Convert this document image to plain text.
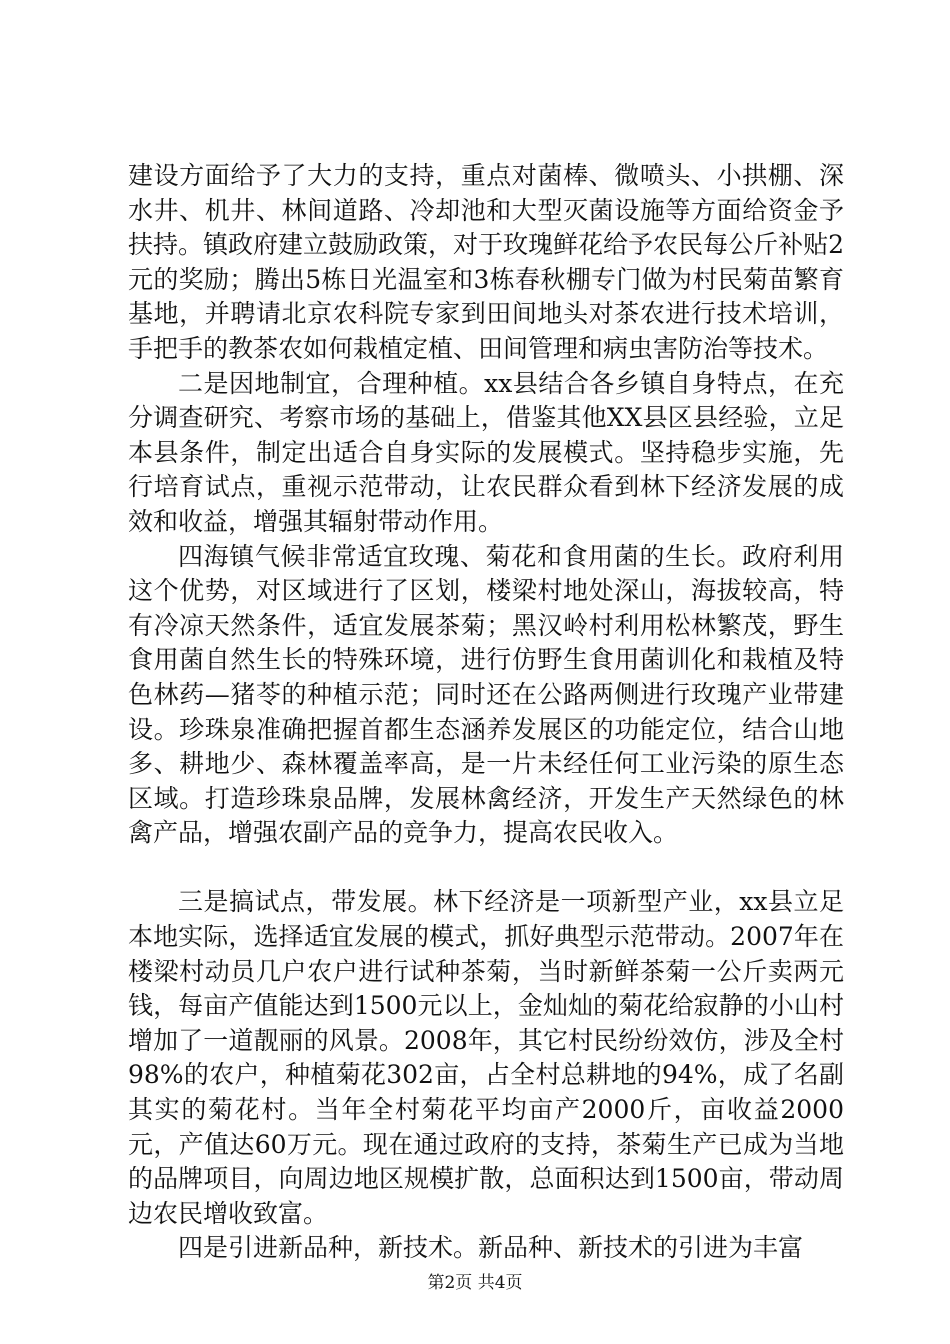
建设方面给予了大力的支持，重点对菌棒、微喷头、小拱棚、深水井、机井、林间道路、冷却池和大型灭菌设施等方面给资金予扶持。镇政府建立鼓励政策，对于玫瑰鲜花给予农民每公斤补贴2元的奖励；腾出5栋日光温室和3栋春秋棚专门做为村民菊苗繁育基地，并聘请北京农科院专家到田间地头对茶农进行技术培训，手把手的教茶农如何栽植定植、田间管理和病虫害防治等技术。

二是因地制宜，合理种植。xx县结合各乡镇自身特点，在充分调查研究、考察市场的基础上，借鉴其他XX县区县经验，立足本县条件，制定出适合自身实际的发展模式。坚持稳步实施，先行培育试点，重视示范带动，让农民群众看到林下经济发展的成效和收益，增强其辐射带动作用。

四海镇气候非常适宜玫瑰、菊花和食用菌的生长。政府利用这个优势，对区域进行了区划，楼梁村地处深山，海拔较高，特有冷凉天然条件，适宜发展茶菊；黑汉岭村利用松林繁茂，野生食用菌自然生长的特殊环境，进行仿野生食用菌训化和栽植及特色林药—猪苓的种植示范；同时还在公路两侧进行玫瑰产业带建设。珍珠泉准确把握首都生态涵养发展区的功能定位，结合山地多、耕地少、森林覆盖率高，是一片未经任何工业污染的原生态区域。打造珍珠泉品牌，发展林禽经济，开发生产天然绿色的林禽产品，增强农副产品的竞争力，提高农民收入。

三是搞试点，带发展。林下经济是一项新型产业，xx县立足本地实际，选择适宜发展的模式，抓好典型示范带动。2007年在楼梁村动员几户农户进行试种茶菊，当时新鲜茶菊一公斤卖两元钱，每亩产值能达到1500元以上，金灿灿的菊花给寂静的小山村增加了一道靓丽的风景。2008年，其它村民纷纷效仿，涉及全村98%的农户，种植菊花302亩，占全村总耕地的94%，成了名副其实的菊花村。当年全村菊花平均亩产2000斤，亩收益2000元，产值达60万元。现在通过政府的支持，茶菊生产已成为当地的品牌项目，向周边地区规模扩散，总面积达到1500亩，带动周边农民增收致富。

四是引进新品种，新技术。新品种、新技术的引进为丰富

第2页 共4页
